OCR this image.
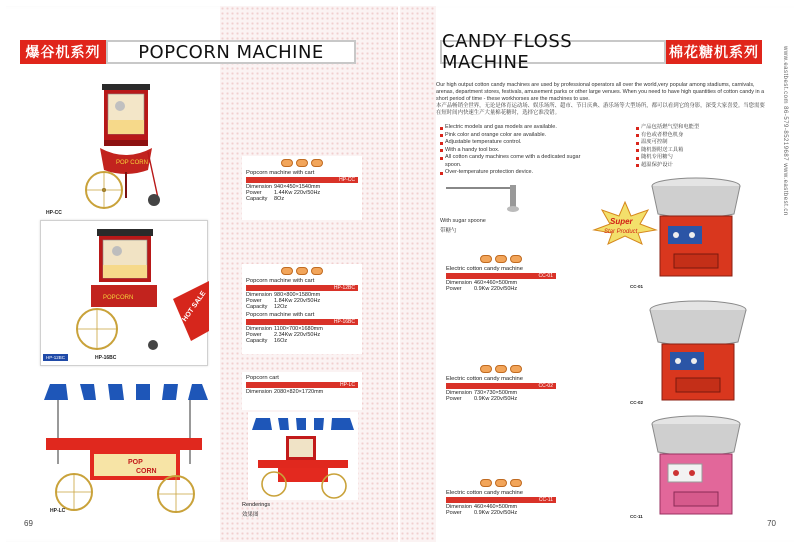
爆谷机系列	POPCORN MACHINE
POP CORN
HP-CC
POPCORN	HOT SALE
HP-12BC	HP-16BC
POP
CORN
HP-LC
Popcorn machine with cart
HP-CC
Dimension 940×450×1540mm
Power	1.44Kw 220v/50Hz
Capacity	8Oz
Popcorn machine with cart
HP-12BC
Dimension 980×800×1580mm
Power	1.84Kw 220v/50Hz
Capacity	12Oz
Popcorn machine with cart
HP-16BC
Dimension 1100×700×1680mm
Power	2.34Kw 220v/50Hz
Capacity	16Oz
Popcorn cart
HP-LC
Dimension 2080×820×1720mm
Renderings
效果图
69
CANDY FLOSS MACHINE	棉花糖机系列	www.eastbest.com 86-579-85219687 www.eastbest.cn
Our high output cotton candy machines are used by professional operators all over the world,very popular among stadiums, carnivals, arenas, department stores, festivals, amusement parks or other large venues. When you need to have high quantities of cotton candy in a short period of time - these workhorses are the machines to use.
本产品畅销全世界，无论是体育运动场、娱乐场所、超市、节日庆典、游乐场等大型场所，都可以看到它的身影，深受大家喜爱。当您需要在短时间内快速生产大量棉花糖时，选择它准没错。
Electric models and gas models are available.
Pink color and orange color are available.
Adjustable temperature control.
With a handy tool box.
All cotton candy machines come with a dedicated sugar spoon.
Over-temperature protection device.
产品包括燃气型和电能型
有色或者橙色机身
温度可控制
随机器附送工具箱
随机专用糖勺
超温保护设计
With sugar spoone
带糖勺
CC-01
Super
Star Product
CC-02
CC-11
Electric cotton candy machine
CC-01
Dimension 460×460×500mm
Power	0.9Kw 220v/50Hz
Electric cotton candy machine
CC-02
Dimension 730×730×500mm
Power	0.9Kw 220v/50Hz
Electric cotton candy machine
CC-11
Dimension 460×460×500mm
Power	0.9Kw 220v/50Hz
70
